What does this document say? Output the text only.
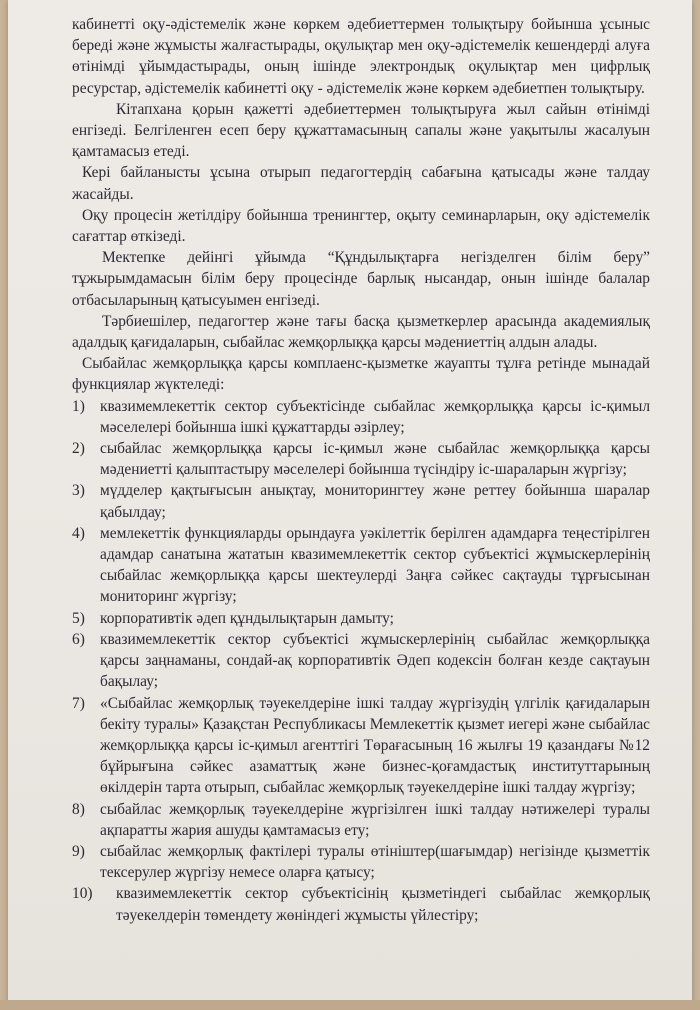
кабинетті оқу-әдістемелік және көркем әдебиеттермен толықтыру бойынша ұсыныс береді және жұмысты жалғастырады, оқулықтар мен оқу-әдістемелік кешендерді алуға өтінімді ұйымдастырады, оның ішінде электрондық оқулықтар мен цифрлық ресурстар, әдістемелік кабинетті оқу - әдістемелік және көркем әдебиетпен толықтыру.

Кітапхана қорын қажетті әдебиеттермен толықтыруға жыл сайын өтінімді енгізеді. Белгіленген есеп беру құжаттамасының сапалы және уақытылы жасалуын қамтамасыз етеді.

Кері байланысты ұсына отырып педагогтердің сабағына қатысады және талдау жасайды.

Оқу процесін жетілдіру бойынша тренингтер, оқыту семинарларын, оқу әдістемелік сағаттар өткізеді.

Мектепке дейінгі ұйымда “Құндылықтарға негізделген білім беру” тұжырымдамасын білім беру процесінде барлық нысандар, онын ішінде балалар отбасыларының қатысуымен енгізеді.

Тәрбиешілер, педагогтер және тағы басқа қызметкерлер арасында академиялық адалдық қағидаларын, сыбайлас жемқорлыққа қарсы мәдениеттің алдын алады.

Сыбайлас жемқорлыққа қарсы комплаенс-қызметке жауапты тұлға ретінде мынадай функциялар жүктеледі:

1) квазимемлекеттік сектор субъектісінде сыбайлас жемқорлыққа қарсы іс-қимыл мәселелері бойынша ішкі құжаттарды әзірлеу;
2) сыбайлас жемқорлыққа қарсы іс-қимыл және сыбайлас жемқорлыққа қарсы мәдениетті қалыптастыру мәселелері бойынша түсіндіру іс-шараларын жүргізу;
3) мүдделер қақтығысын анықтау, мониторингтеу және реттеу бойынша шаралар қабылдау;
4) мемлекеттік функцияларды орындауға уәкілеттік берілген адамдарға теңестірілген адамдар санатына жататын квазимемлекеттік сектор субъектісі жұмыскерлерінің сыбайлас жемқорлыққа қарсы шектеулерді Заңға сәйкес сақтауды тұрғысынан мониторинг жүргізу;
5) корпоративтік әдеп құндылықтарын дамыту;
6) квазимемлекеттік сектор субъектісі жұмыскерлерінің сыбайлас жемқорлыққа қарсы заңнаманы, сондай-ақ корпоративтік Әдеп кодексін болған кезде сақтауын бақылау;
7) «Сыбайлас жемқорлық тәуекелдеріне ішкі талдау жүргізудің үлгілік қағидаларын бекіту туралы» Қазақстан Республикасы Мемлекеттік қызмет иегері және сыбайлас жемқорлыққа қарсы іс-қимыл агенттігі Төрағасының 16 жылғы 19 қазандағы №12 бұйрығына сәйкес азаматтық және бизнес-қоғамдастық институттарының өкілдерін тарта отырып, сыбайлас жемқорлық тәуекелдеріне ішкі талдау жүргізу;
8) сыбайлас жемқорлық тәуекелдеріне жүргізілген ішкі талдау нәтижелері туралы ақпаратты жария ашуды қамтамасыз ету;
9) сыбайлас жемқорлық фактілері туралы өтініштер(шағымдар) негізінде қызметтік тексерулер жүргізу немесе оларға қатысу;
10)	квазимемлекеттік сектор субъектісінің қызметіндегі сыбайлас жемқорлық тәуекелдерін төмендету жөніндегі жұмысты үйлестіру;
